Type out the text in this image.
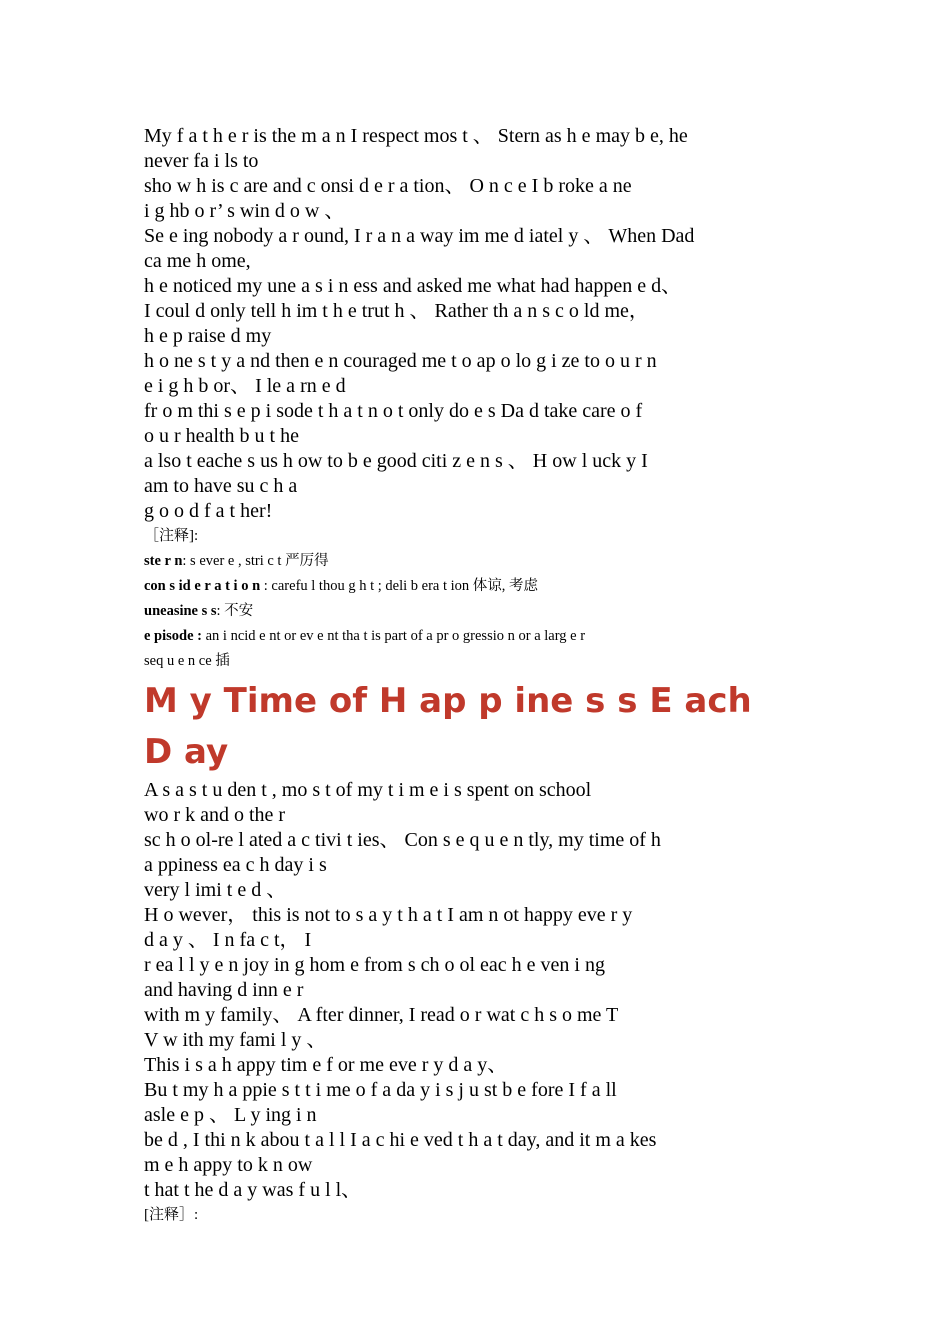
My f a t h e r is the m a n I respect mos t 、 Stern as h e may b e, he

never fa i ls to

sho w h is c are and c onsi d e r a tion、 O n c e I b roke a ne

i g hb o r’ s win d o w 、

Se e ing nobody a r ound, I r a n a way im me d iatel y 、 When Dad

ca me h ome,

h e noticed my une a s i n ess and asked me what had happen e d、

I coul d only tell h im t h e trut h 、 Rather th a n s c o ld me，

h e p raise d my

h o ne s t y a nd then e n couraged me t o ap o lo g i ze to o u r n

e i g h b or、 I le a rn e d

fr o m thi s e p i sode t h a t n o t only do e s Da d take care o f

o u r health b u t he

a lso t eache s us h ow to b e good citi z e n s 、 H ow l uck y I

am to have su c h a

g o o d f a t her!

［注释]:

ste r n: s ever e , stri c t 严厉得

con s id e r a t i o n : carefu l thou g h t ; deli b era t ion 体谅, 考虑

uneasine s s: 不安

e pisode : an i ncid e nt or ev e nt tha t is part of a pr o gressio n or a larg e r

seq u e n ce 插

M y Time of H ap p ine s s E ach
D ay

A s a s t u den t , mo s t of my t i m e i s spent on school

wo r k and o the r

sc h o ol-re l ated a c tivi t ies、 Con s e q u e n tly, my time of h

a ppiness ea c h day i s

very l imi t e d 、

H o wever， this is not to s a y t h a t I am n ot happy eve r y

d a y 、 I n fa c t， I

r ea l l y e n joy in g hom e from s ch o ol eac h e ven i ng

and having d inn e r

with m y family、 A fter dinner, I read o r wat c h s o me T

V w ith my fami l y 、

This i s a h appy tim e f or me eve r y d a y、

Bu t my h a ppie s t t i me o f a da y i s j u st b e fore I f a ll

asle e p 、 L y ing i n

be d , I thi n k abou t a l l I a c hi e ved t h a t day, and it m a kes

m e h appy to k n ow

t hat t he d a y was f u l l、

[注释］:
